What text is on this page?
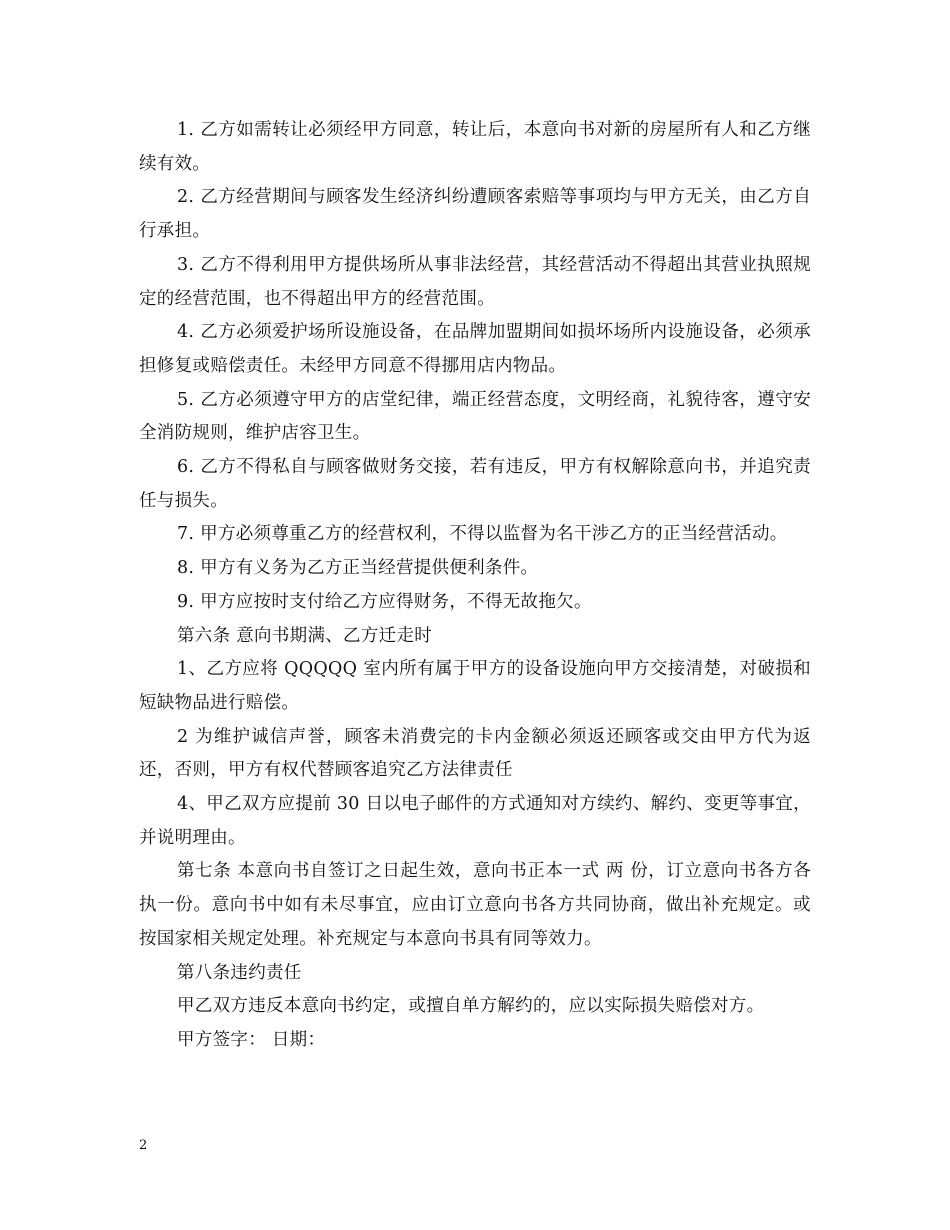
1. 乙方如需转让必须经甲方同意，转让后，本意向书对新的房屋所有人和乙方继续有效。

2. 乙方经营期间与顾客发生经济纠纷遭顾客索赔等事项均与甲方无关，由乙方自行承担。

3. 乙方不得利用甲方提供场所从事非法经营，其经营活动不得超出其营业执照规定的经营范围，也不得超出甲方的经营范围。

4. 乙方必须爱护场所设施设备，在品牌加盟期间如损坏场所内设施设备，必须承担修复或赔偿责任。未经甲方同意不得挪用店内物品。

5. 乙方必须遵守甲方的店堂纪律，端正经营态度，文明经商，礼貌待客，遵守安全消防规则，维护店容卫生。

6. 乙方不得私自与顾客做财务交接，若有违反，甲方有权解除意向书，并追究责任与损失。

7. 甲方必须尊重乙方的经营权利，不得以监督为名干涉乙方的正当经营活动。

8. 甲方有义务为乙方正当经营提供便利条件。

9. 甲方应按时支付给乙方应得财务，不得无故拖欠。

第六条 意向书期满、乙方迁走时

1、乙方应将 QQQQQ 室内所有属于甲方的设备设施向甲方交接清楚，对破损和短缺物品进行赔偿。

2 为维护诚信声誉，顾客未消费完的卡内金额必须返还顾客或交由甲方代为返还，否则，甲方有权代替顾客追究乙方法律责任

4、甲乙双方应提前 30 日以电子邮件的方式通知对方续约、解约、变更等事宜，并说明理由。

第七条 本意向书自签订之日起生效，意向书正本一式 两 份，订立意向书各方各执一份。意向书中如有未尽事宜，应由订立意向书各方共同协商，做出补充规定。或按国家相关规定处理。补充规定与本意向书具有同等效力。

第八条违约责任

甲乙双方违反本意向书约定，或擅自单方解约的，应以实际损失赔偿对方。

甲方签字： 日期：

2
